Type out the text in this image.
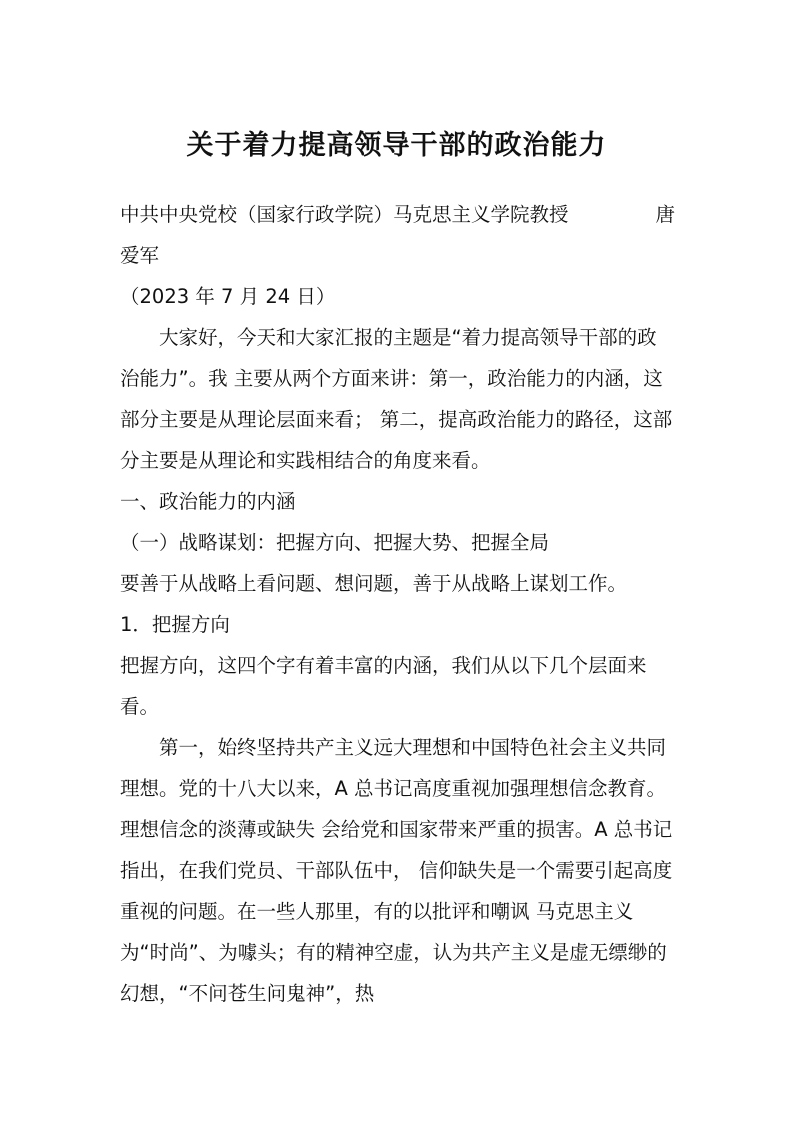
关于着力提高领导干部的政治能力

中共中央党校（国家行政学院）马克思主义学院教授	唐

爱军

（2023 年 7 月 24 日）

大家好，今天和大家汇报的主题是“着力提高领导干部的政治能力”。我 主要从两个方面来讲：第一，政治能力的内涵，这部分主要是从理论层面来看； 第二，提高政治能力的路径，这部分主要是从理论和实践相结合的角度来看。

一、政治能力的内涵

（一）战略谋划：把握方向、把握大势、把握全局

要善于从战略上看问题、想问题，善于从战略上谋划工作。

1．把握方向

把握方向，这四个字有着丰富的内涵，我们从以下几个层面来看。

第一，始终坚持共产主义远大理想和中国特色社会主义共同理想。党的十八大以来，A 总书记高度重视加强理想信念教育。理想信念的淡薄或缺失 会给党和国家带来严重的损害。A 总书记指出，在我们党员、干部队伍中， 信仰缺失是一个需要引起高度重视的问题。在一些人那里，有的以批评和嘲讽 马克思主义为“时尚”、为噱头；有的精神空虚，认为共产主义是虚无缥缈的 幻想，“不问苍生问鬼神”，热
